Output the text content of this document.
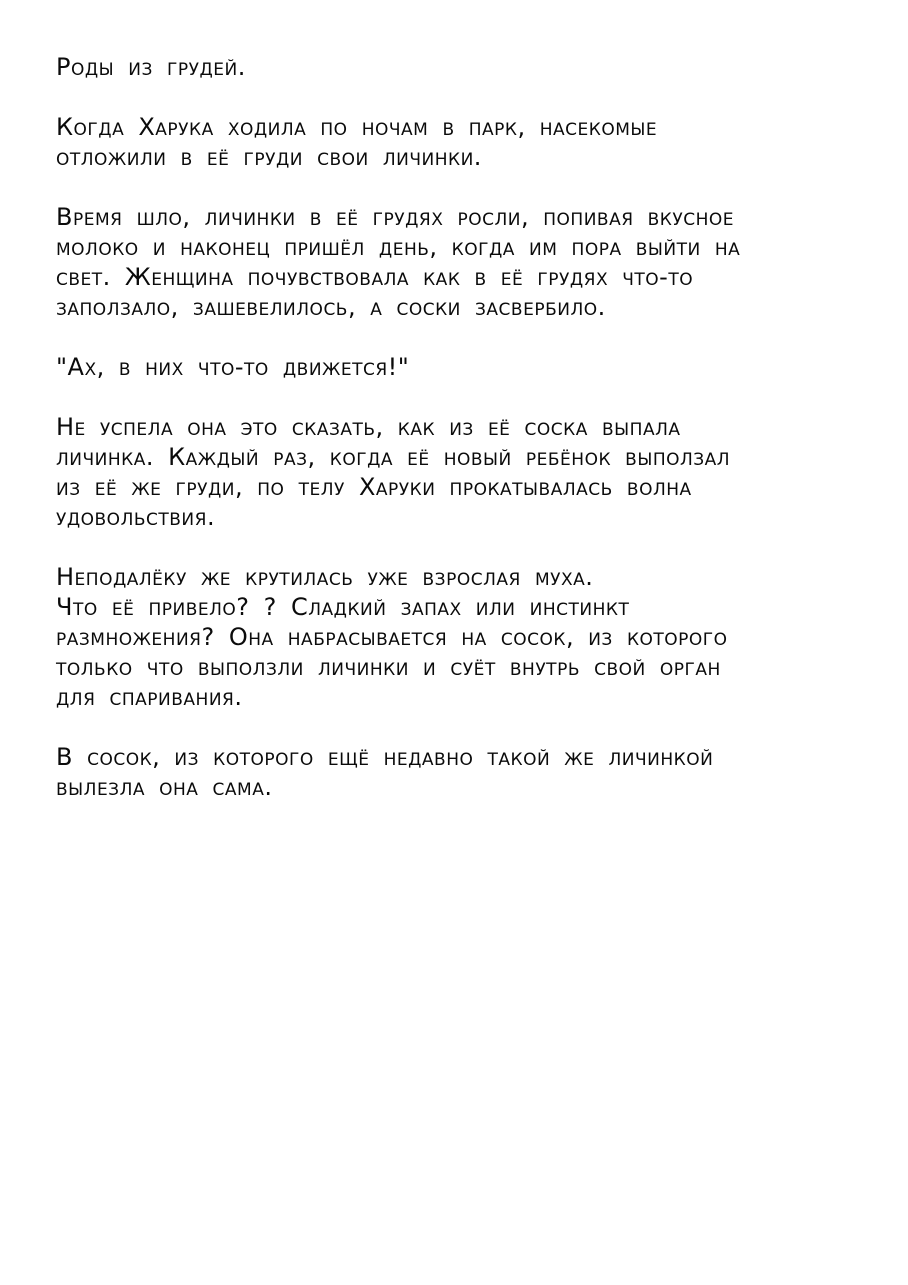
Роды из грудей.
Когда Харука ходила по ночам в парк, насекомые
отложили в её груди свои личинки.
Время шло, личинки в её грудях росли, попивая вкусное
молоко и наконец пришёл день, когда им пора выйти на
свет. Женщина почувствовала как в её грудях что-то
заползало, зашевелилось, а соски засвербило.
"Ах, в них что-то движется!"
Не успела она это сказать, как из её соска выпала
личинка. Каждый раз, когда её новый ребёнок выползал
из её же груди, по телу Харуки прокатывалась волна
удовольствия.
Неподалёку же крутилась уже взрослая муха.
Что её привело? ? Сладкий запах или инстинкт
размножения? Она набрасывается на сосок, из которого
только что выползли личинки и суёт внутрь свой орган
для спаривания.
В сосок, из которого ещё недавно такой же личинкой
вылезла она сама.
